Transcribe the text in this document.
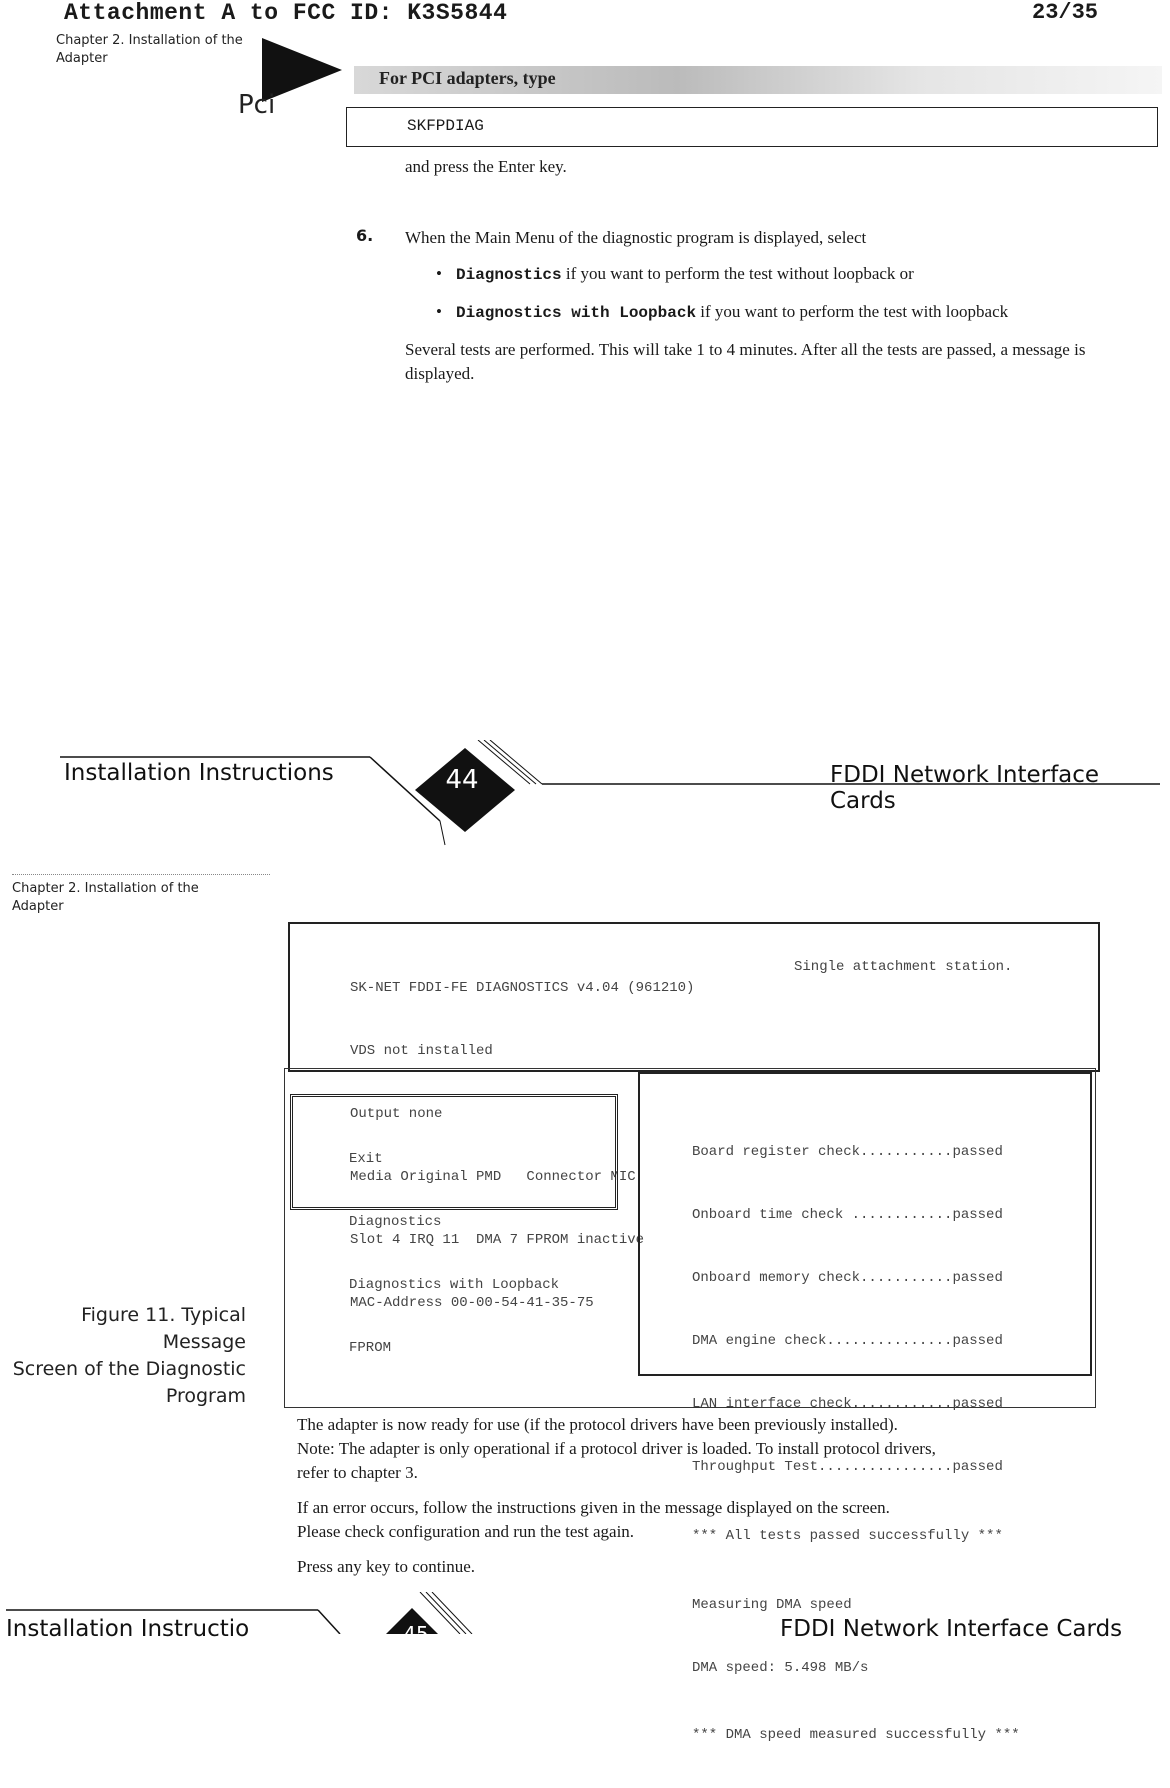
Attachment A to FCC ID: K3S5844	23/35
Chapter 2. Installation of the
Adapter
Pci
For PCI adapters, type
SKFPDIAG
and press the Enter key.
6. When the Main Menu of the diagnostic program is displayed, select
• Diagnostics if you want to perform the test without loopback or
• Diagnostics with Loopback if you want to perform the test with loopback
Several tests are performed. This will take 1 to 4 minutes. After all the tests are passed, a message is displayed.
Installation Instructions	44	FDDI Network Interface Cards
Chapter 2. Installation of the
Adapter

SK-NET FDDI-FE DIAGNOSTICS v4.04 (961210)

VDS not installed

Output none

Media Original PMD   Connector MIC

Slot 4 IRQ 11  DMA 7 FPROM inactive

MAC-Address 00-00-54-41-35-75

Single attachment station.

Exit

Diagnostics

Diagnostics with Loopback

FPROM

Board register check...........passed

Onboard time check ............passed

Onboard memory check...........passed

DMA engine check...............passed

LAN interface check............passed

Throughput Test................passed

*** All tests passed successfully ***

Measuring DMA speed

DMA speed: 5.498 MB/s

*** DMA speed measured successfully ***

Figure 11. Typical Message
Screen of the Diagnostic
Program
The adapter is now ready for use (if the protocol drivers have been previously installed).
Note: The adapter is only operational if a protocol driver is loaded. To install protocol drivers,
refer to chapter 3.
If an error occurs, follow the instructions given in the message displayed on the screen.
Please check configuration and run the test again.
Press any key to continue.
Installation Instructio	45	FDDI Network Interface Cards
